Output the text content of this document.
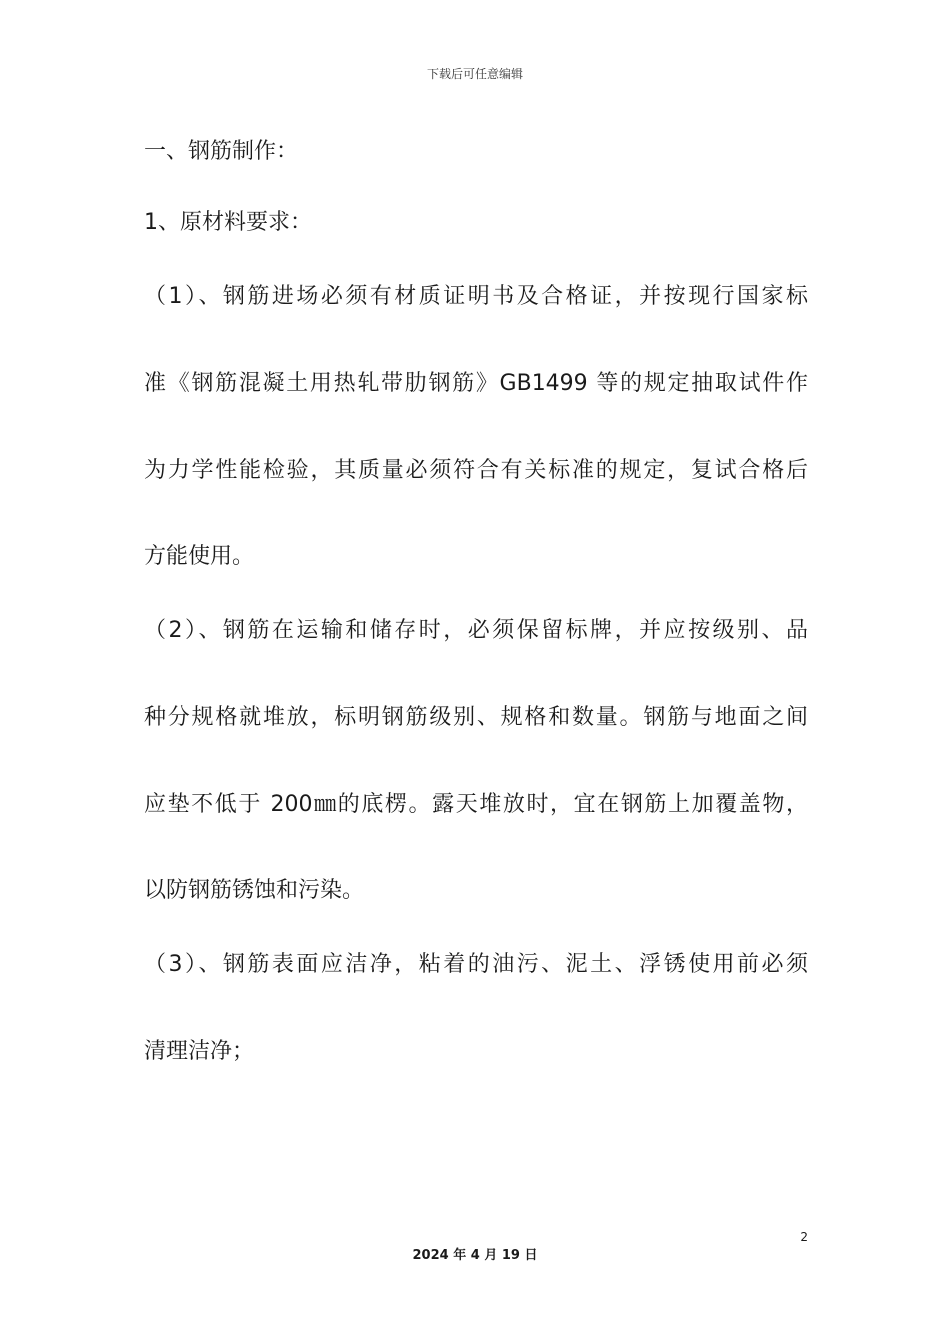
下载后可任意编辑
一、钢筋制作：
1、原材料要求：
（1）、钢筋进场必须有材质证明书及合格证，并按现行国家标
准《钢筋混凝土用热轧带肋钢筋》GB1499 等的规定抽取试件作
为力学性能检验，其质量必须符合有关标准的规定，复试合格后
方能使用。
（2）、钢筋在运输和储存时，必须保留标牌，并应按级别、品
种分规格就堆放，标明钢筋级别、规格和数量。钢筋与地面之间
应垫不低于 200㎜的底楞。露天堆放时，宜在钢筋上加覆盖物，
以防钢筋锈蚀和污染。
（3）、钢筋表面应洁净，粘着的油污、泥土、浮锈使用前必须
清理洁净；
2
2024 年 4 月 19 日
